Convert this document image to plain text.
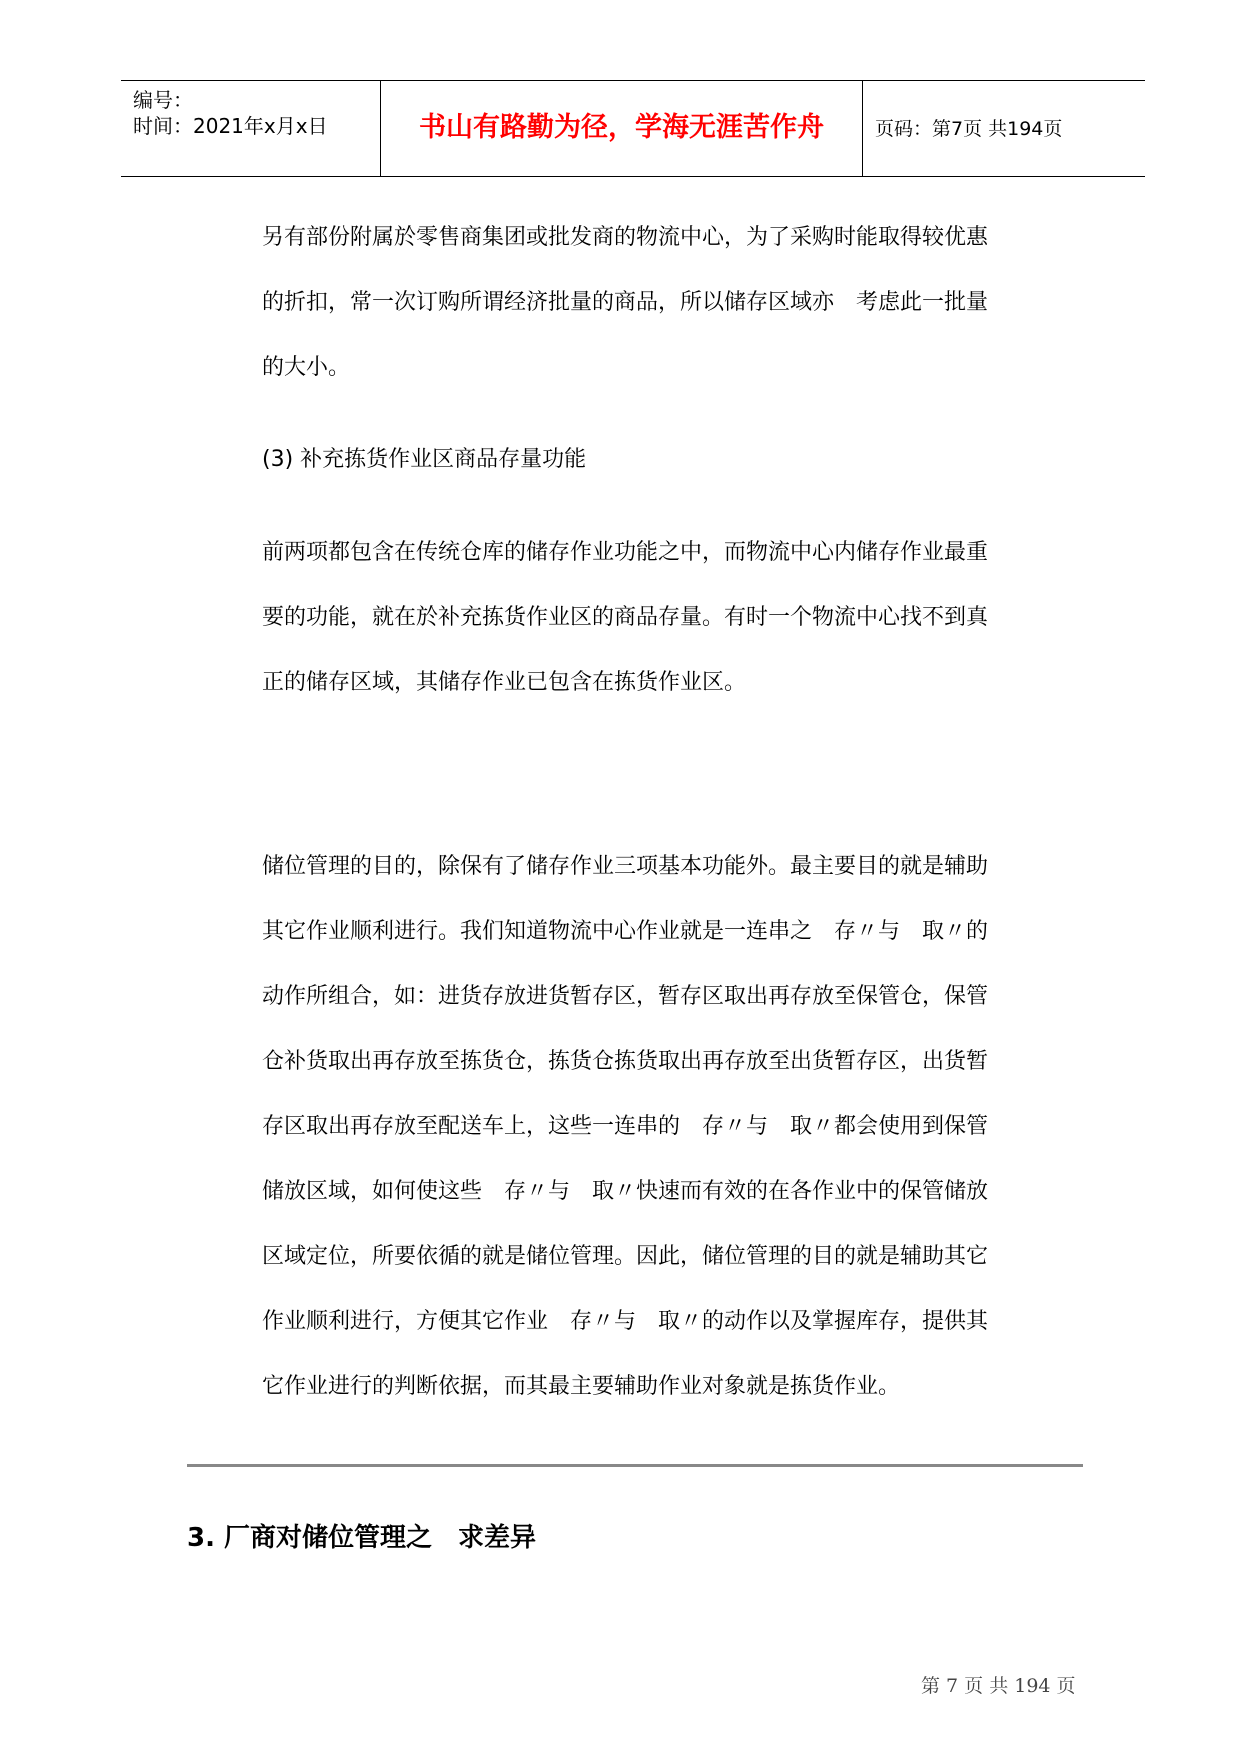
编号：
时间：2021年x月x日	书山有路勤为径，学海无涯苦作舟	页码：第7页 共194页

另有部份附属於零售商集团或批发商的物流中心，为了采购时能取得较优惠

的折扣，常一次订购所谓经济批量的商品，所以储存区域亦　考虑此一批量

的大小。

(3) 补充拣货作业区商品存量功能

前两项都包含在传统仓库的储存作业功能之中，而物流中心内储存作业最重

要的功能，就在於补充拣货作业区的商品存量。有时一个物流中心找不到真

正的储存区域，其储存作业已包含在拣货作业区。

储位管理的目的，除保有了储存作业三项基本功能外。最主要目的就是辅助

其它作业顺利进行。我们知道物流中心作业就是一连串之　存〃与　取〃的

动作所组合，如：进货存放进货暂存区，暂存区取出再存放至保管仓，保管

仓补货取出再存放至拣货仓，拣货仓拣货取出再存放至出货暂存区，出货暂

存区取出再存放至配送车上，这些一连串的　存〃与　取〃都会使用到保管

储放区域，如何使这些　存〃与　取〃快速而有效的在各作业中的保管储放

区域定位，所要依循的就是储位管理。因此，储位管理的目的就是辅助其它

作业顺利进行，方便其它作业　存〃与　取〃的动作以及掌握库存，提供其

它作业进行的判断依据，而其最主要辅助作业对象就是拣货作业。

3. 厂商对储位管理之　求差异
第 7 页 共 194 页
